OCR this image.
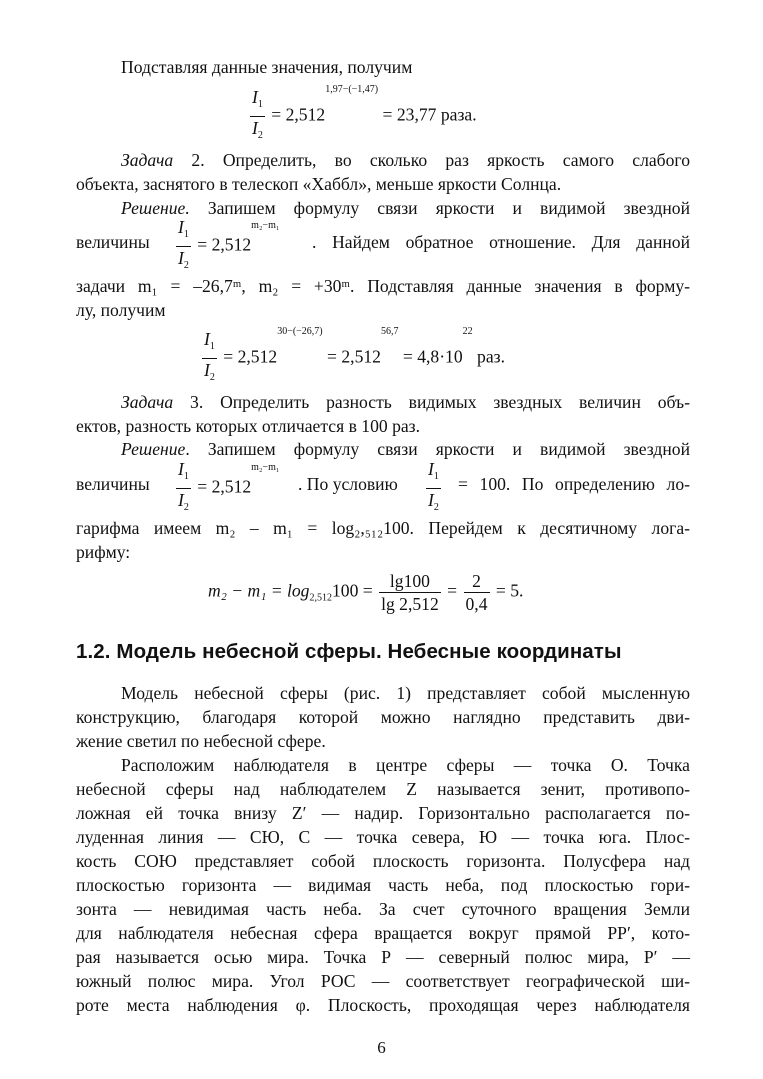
Подставляя данные значения, получим
$\frac{I_1}{I_2} = 2,512^{1,97-(-1,47)} = 23,77$ раза.
Задача 2. Определить, во сколько раз яркость самого слабого
объекта, заснятого в телескоп «Хаббл», меньше яркости Солнца.
Решение. Запишем формулу связи яркости и видимой звездной
величины $\frac{I_1}{I_2} = 2,512^{m_2-m_1}$
. Найдем обратное отношение. Для данной
задачи m₁ = –26,7ᵐ, m₂ = +30ᵐ. Подставляя данные значения в форму-
лу, получим
$\frac{I_1}{I_2} = 2,512^{30-(-26,7)} = 2,512^{56,7} = 4,8\cdot 10^{22}$ раз.
Задача 3. Определить разность видимых звездных величин объ-
ектов, разность которых отличается в 100 раз.
Решение. Запишем формулу связи яркости и видимой звездной
величины $\frac{I_1}{I_2} = 2,512^{m_2-m_1}$
. По условию $\frac{I_1}{I_2} = 100$. По определению ло-
гарифма имеем m₂ – m₁ = log₂,₅₁₂100. Перейдем к десятичному лога-
рифму:
$m_2 - m_1 = \log_{2,512}100 = \frac{\lg 100}{\lg 2,512} = \frac{2}{0,4} = 5$.
1.2. Модель небесной сферы. Небесные координаты
Модель небесной сферы (рис. 1) представляет собой мысленную
конструкцию, благодаря которой можно наглядно представить дви-
жение светил по небесной сфере.
Расположим наблюдателя в центре сферы — точка О. Точка
небесной сферы над наблюдателем Z называется зенит, противопо-
ложная ей точка внизу Z′ — надир. Горизонтально располагается по-
луденная линия — СЮ, С — точка севера, Ю — точка юга. Плос-
кость СОЮ представляет собой плоскость горизонта. Полусфера над
плоскостью горизонта — видимая часть неба, под плоскостью гори-
зонта — невидимая часть неба. За счет суточного вращения Земли
для наблюдателя небесная сфера вращается вокруг прямой РР′, кото-
рая называется осью мира. Точка Р — северный полюс мира, Р′ —
южный полюс мира. Угол РОС — соответствует географической ши-
роте места наблюдения φ. Плоскость, проходящая через наблюдателя
6
